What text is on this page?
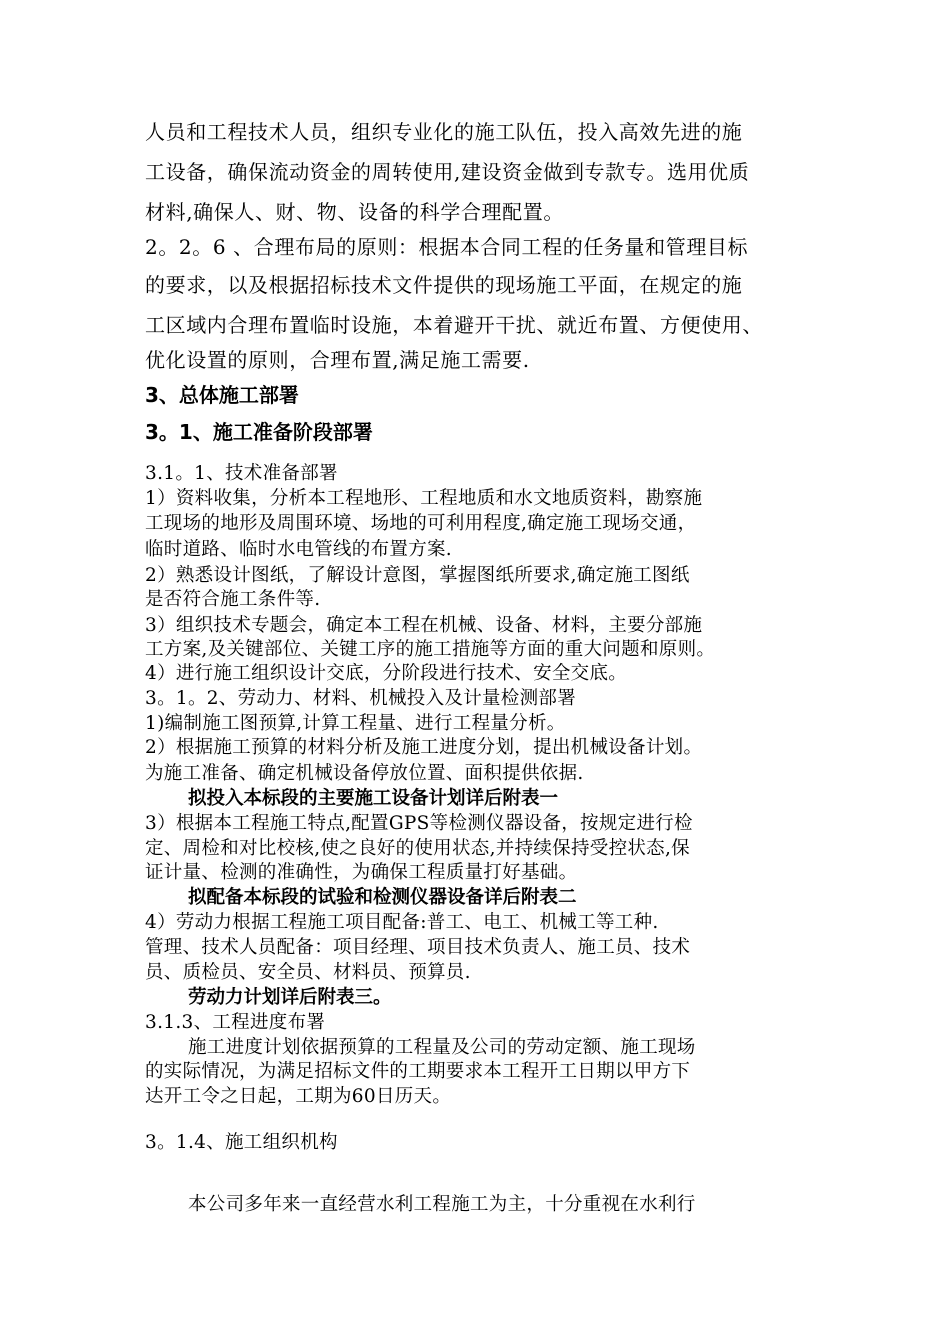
人员和工程技术人员，组织专业化的施工队伍，投入高效先进的施

工设备，确保流动资金的周转使用,建设资金做到专款专。选用优质

材料,确保人、财、物、设备的科学合理配置。

2。2。6 、合理布局的原则：根据本合同工程的任务量和管理目标

的要求，以及根据招标技术文件提供的现场施工平面，在规定的施

工区域内合理布置临时设施，本着避开干扰、就近布置、方便使用、

优化设置的原则，合理布置,满足施工需要.

3、总体施工部署

3。1、施工准备阶段部署

3.1。1、技术准备部署

1）资料收集，分析本工程地形、工程地质和水文地质资料，勘察施

工现场的地形及周围环境、场地的可利用程度,确定施工现场交通，

临时道路、临时水电管线的布置方案.

2）熟悉设计图纸，了解设计意图，掌握图纸所要求,确定施工图纸

是否符合施工条件等.

3）组织技术专题会，确定本工程在机械、设备、材料，主要分部施

工方案,及关键部位、关键工序的施工措施等方面的重大问题和原则。

4）进行施工组织设计交底，分阶段进行技术、安全交底。

3。1。2、劳动力、材料、机械投入及计量检测部署

1)编制施工图预算,计算工程量、进行工程量分析。

2）根据施工预算的材料分析及施工进度分划，提出机械设备计划。

为施工准备、确定机械设备停放位置、面积提供依据.

拟投入本标段的主要施工设备计划详后附表一

3）根据本工程施工特点,配置GPS等检测仪器设备，按规定进行检

定、周检和对比校核,使之良好的使用状态,并持续保持受控状态,保

证计量、检测的准确性，为确保工程质量打好基础。

拟配备本标段的试验和检测仪器设备详后附表二

4）劳动力根据工程施工项目配备:普工、电工、机械工等工种.

管理、技术人员配备：项目经理、项目技术负责人、施工员、技术

员、质检员、安全员、材料员、预算员.

劳动力计划详后附表三。

3.1.3、工程进度布署

施工进度计划依据预算的工程量及公司的劳动定额、施工现场

的实际情况，为满足招标文件的工期要求本工程开工日期以甲方下

达开工令之日起，工期为60日历天。

3。1.4、施工组织机构

本公司多年来一直经营水利工程施工为主，十分重视在水利行
